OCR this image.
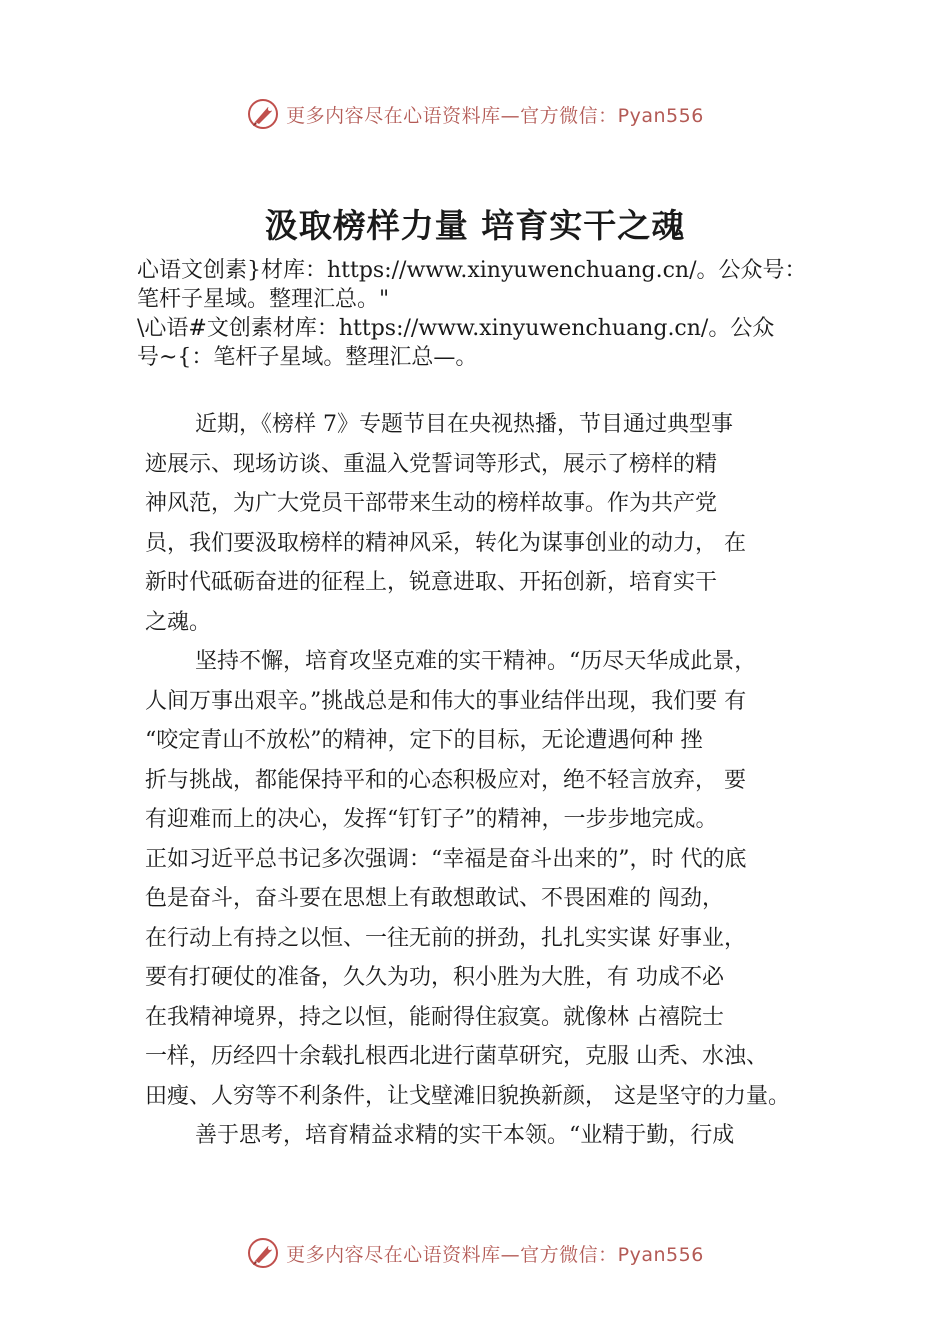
更多内容尽在心语资料库—官方微信：Pyan556
汲取榜样力量 培育实干之魂
心语文创素}材库：https://www.xinyuwenchuang.cn/。公众号：
笔杆子星域。整理汇总。"
\心语#文创素材库：https://www.xinyuwenchuang.cn/。公众
号~{：笔杆子星域。整理汇总—。
近期，《榜样 7》专题节目在央视热播，节目通过典型事
迹展示、现场访谈、重温入党誓词等形式，展示了榜样的精
神风范，为广大党员干部带来生动的榜样故事。作为共产党
员，我们要汲取榜样的精神风采，转化为谋事创业的动力， 在
新时代砥砺奋进的征程上，锐意进取、开拓创新，培育实干
之魂。
坚持不懈，培育攻坚克难的实干精神。“历尽天华成此景，
人间万事出艰辛。”挑战总是和伟大的事业结伴出现，我们要 有
“咬定青山不放松”的精神，定下的目标，无论遭遇何种 挫
折与挑战，都能保持平和的心态积极应对，绝不轻言放弃， 要
有迎难而上的决心，发挥“钉钉子”的精神，一步步地完成。
正如习近平总书记多次强调：“幸福是奋斗出来的”，时 代的底
色是奋斗，奋斗要在思想上有敢想敢试、不畏困难的 闯劲，
在行动上有持之以恒、一往无前的拼劲，扎扎实实谋 好事业，
要有打硬仗的准备，久久为功，积小胜为大胜，有 功成不必
在我精神境界，持之以恒，能耐得住寂寞。就像林 占禧院士
一样，历经四十余载扎根西北进行菌草研究，克服 山秃、水浊、
田瘦、人穷等不利条件，让戈壁滩旧貌换新颜， 这是坚守的力量。
善于思考，培育精益求精的实干本领。“业精于勤，行成
更多内容尽在心语资料库—官方微信：Pyan556
